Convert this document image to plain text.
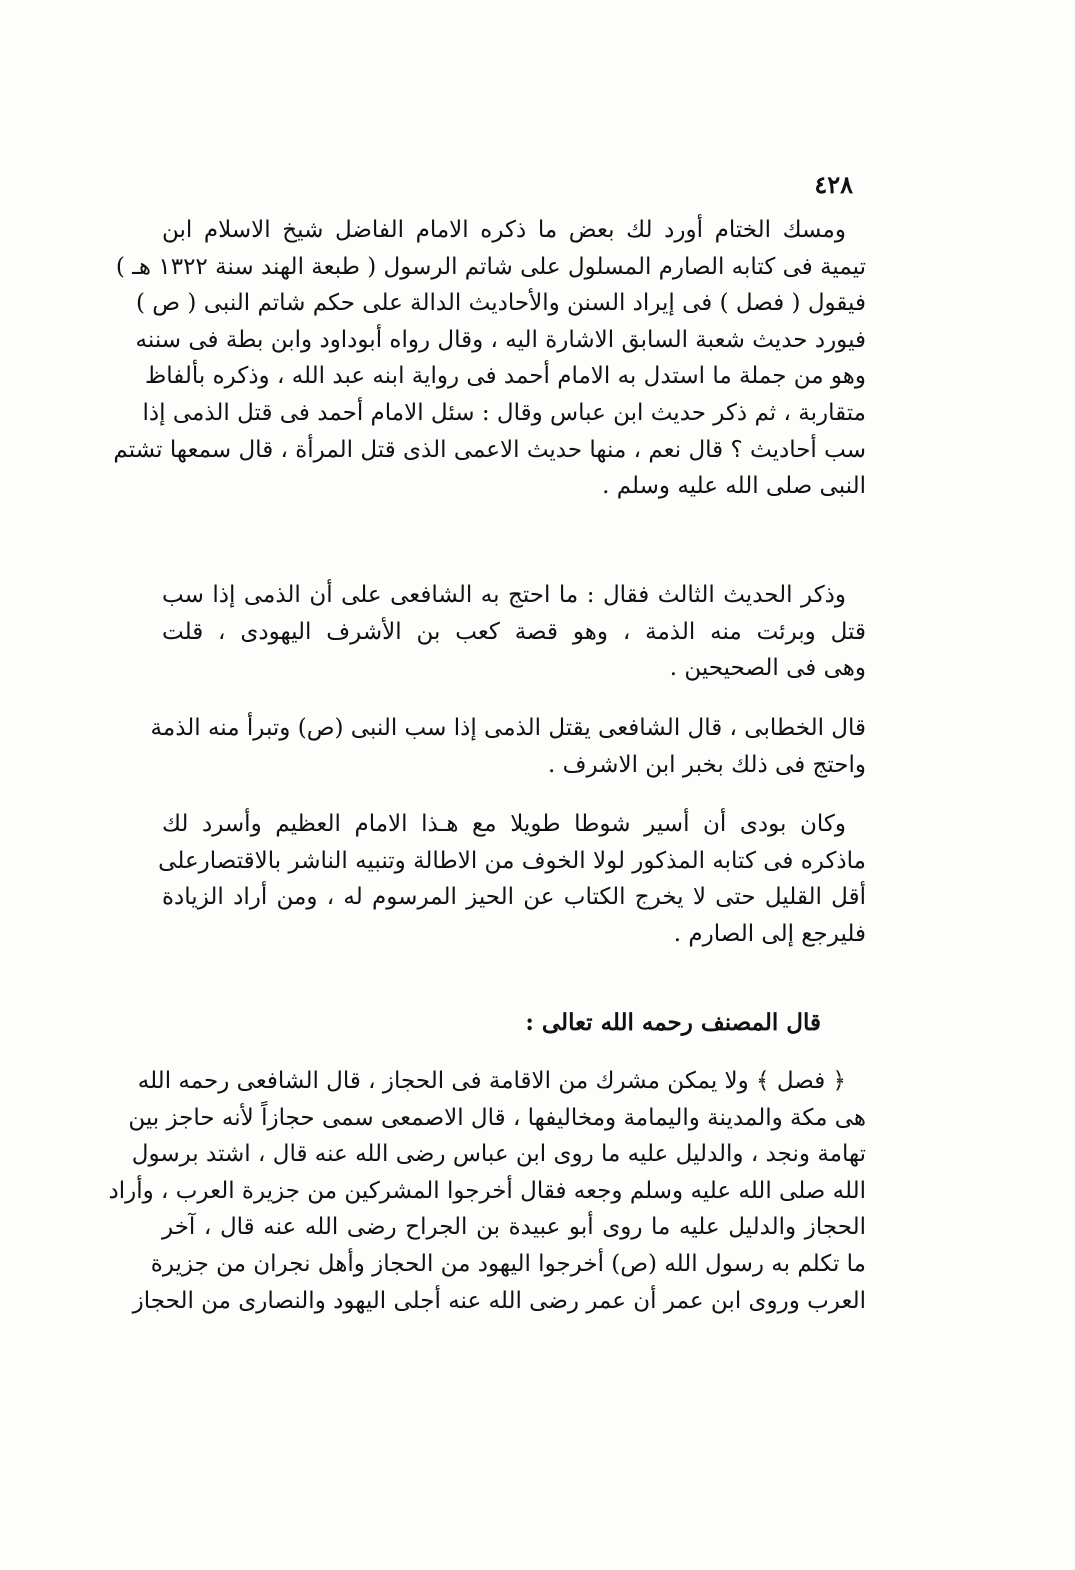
٤٢٨
ومسك الختام أورد لك بعض ما ذكره الامام الفاضل شيخ الاسلام ابن
تيمية فى كتابه الصارم المسلول على شاتم الرسول ( طبعة الهند سنة ١٣٢٢ هـ )
فيقول ( فصل ) فى إيراد السنن والأحاديث الدالة على حكم شاتم النبى ( ص )
فيورد حديث شعبة السابق الاشارة اليه ، وقال رواه أبوداود وابن بطة فى سننه
وهو من جملة ما استدل به الامام أحمد فى رواية ابنه عبد الله ، وذكره بألفاظ
متقاربة ، ثم ذكر حديث ابن عباس وقال : سئل الامام أحمد فى قتل الذمى إذا
سب أحاديث ؟ قال نعم ، منها حديث الاعمى الذى قتل المرأة ، قال سمعها تشتم
النبى صلى الله عليه وسلم .
وذكر الحديث الثالث فقال : ما احتج به الشافعى على أن الذمى إذا سب
قتل وبرئت منه الذمة ، وهو قصة كعب بن الأشرف اليهودى ، قلت
وهى فى الصحيحين .
قال الخطابى ، قال الشافعى يقتل الذمى إذا سب النبى (ص) وتبرأ منه الذمة
واحتج فى ذلك بخبر ابن الاشرف .
وكان بودى أن أسير شوطا طويلا مع هـذا الامام العظيم وأسرد لك
ماذكره فى كتابه المذكور لولا الخوف من الاطالة وتنبيه الناشر بالاقتصارعلى
أقل القليل حتى لا يخرج الكتاب عن الحيز المرسوم له ، ومن أراد الزيادة
فليرجع إلى الصارم .
قال المصنف رحمه الله تعالى :
﴿ فصل ﴾ ولا يمكن مشرك من الاقامة فى الحجاز ، قال الشافعى رحمه الله
هى مكة والمدينة واليمامة ومخاليفها ، قال الاصمعى سمى حجازاً لأنه حاجز بين
تهامة ونجد ، والدليل عليه ما روى ابن عباس رضى الله عنه قال ، اشتد برسول
الله صلى الله عليه وسلم وجعه فقال أخرجوا المشركين من جزيرة العرب ، وأراد
الحجاز والدليل عليه ما روى أبو عبيدة بن الجراح رضى الله عنه قال ، آخر
ما تكلم به رسول الله (ص) أخرجوا اليهود من الحجاز وأهل نجران من جزيرة
العرب وروى ابن عمر أن عمر رضى الله عنه أجلى اليهود والنصارى من الحجاز
